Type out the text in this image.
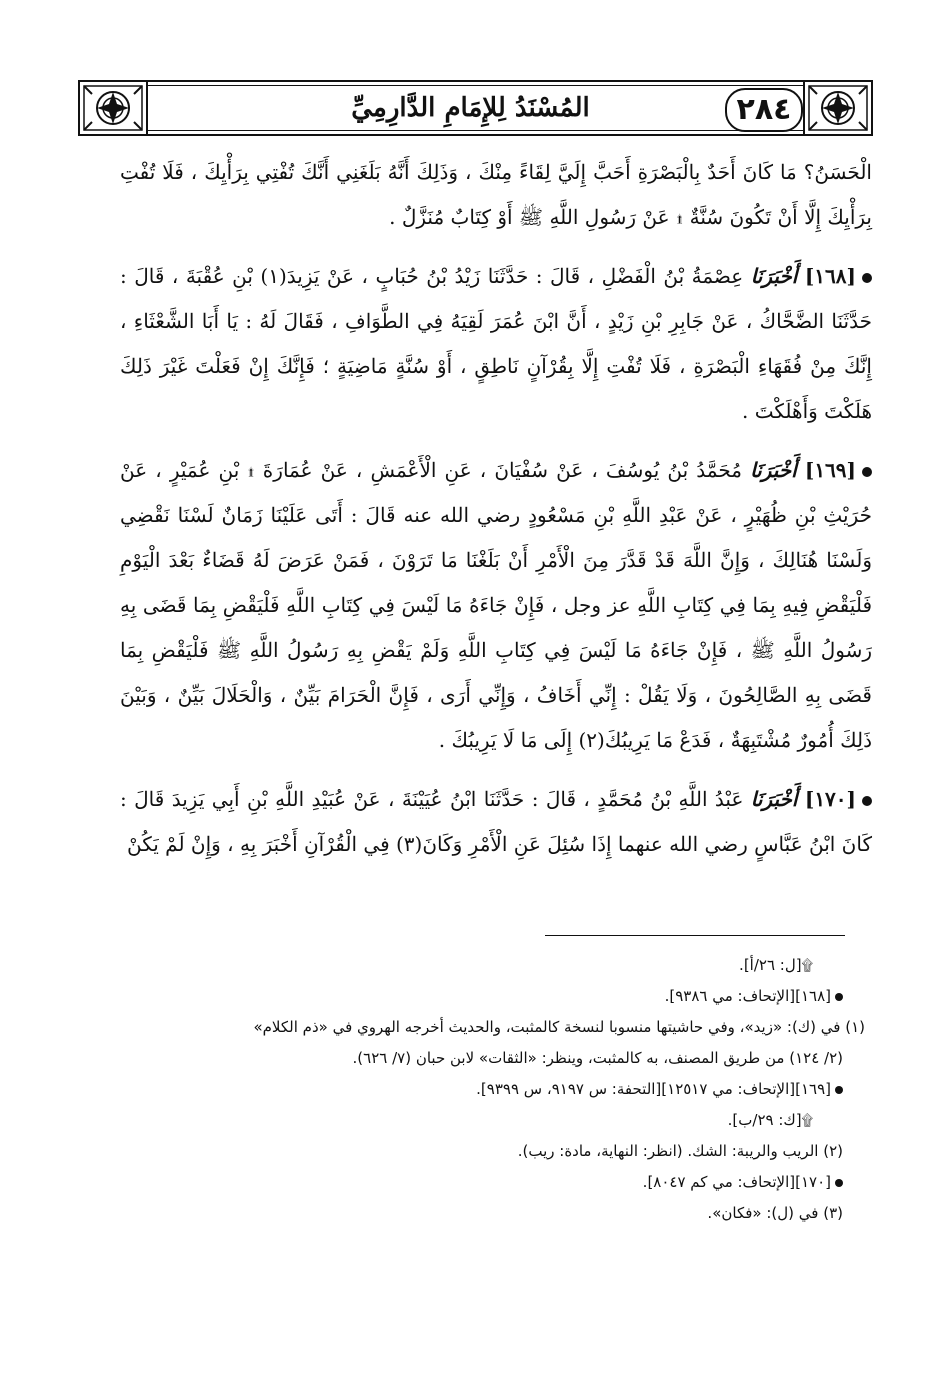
المُسْنَدُ لِلإِمَامِ الدَّارِمِيِّ	٢٨٤

الْحَسَنُ؟ مَا كَانَ أَحَدٌ بِالْبَصْرَةِ أَحَبَّ إِلَيَّ لِقَاءً مِنْكَ ، وَذَلِكَ أَنَّهُ بَلَغَنِي أَنَّكَ تُفْتِي بِرَأْيِكَ ، فَلَا تُفْتِ بِرَأْيِكَ إِلَّا أَنْ تَكُونَ سُنَّةٌ ۩ عَنْ رَسُولِ اللَّهِ ﷺ أَوْ كِتَابٌ مُنَزَّلٌ .

[١٦٨] أَخْبَرَنَا عِصْمَةُ بْنُ الْفَضْلِ ، قَالَ : حَدَّثَنَا زَيْدُ بْنُ حُبَابٍ ، عَنْ يَزِيدَ(١) بْنِ عُقْبَةَ ، قَالَ : حَدَّثَنَا الضَّحَّاكُ ، عَنْ جَابِرِ بْنِ زَيْدٍ ، أَنَّ ابْنَ عُمَرَ لَقِيَهُ فِي الطَّوَافِ ، فَقَالَ لَهُ : يَا أَبَا الشَّعْثَاءِ ، إِنَّكَ مِنْ فُقَهَاءِ الْبَصْرَةِ ، فَلَا تُفْتِ إِلَّا بِقُرْآنٍ نَاطِقٍ ، أَوْ سُنَّةٍ مَاضِيَةٍ ؛ فَإِنَّكَ إِنْ فَعَلْتَ غَيْرَ ذَلِكَ هَلَكْتَ وَأَهْلَكْتَ .

[١٦٩] أَخْبَرَنَا مُحَمَّدُ بْنُ يُوسُفَ ، عَنْ سُفْيَانَ ، عَنِ الْأَعْمَشِ ، عَنْ عُمَارَةَ ۩ بْنِ عُمَيْرٍ ، عَنْ حُرَيْثِ بْنِ ظُهَيْرٍ ، عَنْ عَبْدِ اللَّهِ بْنِ مَسْعُودٍ رضي الله عنه قَالَ : أَتَى عَلَيْنَا زَمَانٌ لَسْنَا نَقْضِي وَلَسْنَا هُنَالِكَ ، وَإِنَّ اللَّهَ قَدْ قَدَّرَ مِنَ الْأَمْرِ أَنْ بَلَغْنَا مَا تَرَوْنَ ، فَمَنْ عَرَضَ لَهُ قَضَاءٌ بَعْدَ الْيَوْمِ فَلْيَقْضِ فِيهِ بِمَا فِي كِتَابِ اللَّهِ عز وجل ، فَإِنْ جَاءَهُ مَا لَيْسَ فِي كِتَابِ اللَّهِ فَلْيَقْضِ بِمَا قَضَى بِهِ رَسُولُ اللَّهِ ﷺ ، فَإِنْ جَاءَهُ مَا لَيْسَ فِي كِتَابِ اللَّهِ وَلَمْ يَقْضِ بِهِ رَسُولُ اللَّهِ ﷺ فَلْيَقْضِ بِمَا قَضَى بِهِ الصَّالِحُونَ ، وَلَا يَقُلْ : إِنِّي أَخَافُ ، وَإِنِّي أَرَى ، فَإِنَّ الْحَرَامَ بَيِّنٌ ، وَالْحَلَالَ بَيِّنٌ ، وَبَيْنَ ذَلِكَ أُمُورٌ مُشْتَبِهَةٌ ، فَدَعْ مَا يَرِيبُكَ(٢) إِلَى مَا لَا يَرِيبُكَ .

[١٧٠] أَخْبَرَنَا عَبْدُ اللَّهِ بْنُ مُحَمَّدٍ ، قَالَ : حَدَّثَنَا ابْنُ عُيَيْنَةَ ، عَنْ عُبَيْدِ اللَّهِ بْنِ أَبِي يَزِيدَ قَالَ : كَانَ ابْنُ عَبَّاسٍ رضي الله عنهما إِذَا سُئِلَ عَنِ الْأَمْرِ وَكَانَ(٣) فِي الْقُرْآنِ أَخْبَرَ بِهِ ، وَإِنْ لَمْ يَكُنْ

۩[ل: ٢٦/أ].

[١٦٨][الإتحاف: مي ٩٣٨٦].

(١) في (ك): «زيد»، وفي حاشيتها منسوبا لنسخة كالمثبت، والحديث أخرجه الهروي في «ذم الكلام»

(٢/ ١٢٤) من طريق المصنف، به كالمثبت، وينظر: «الثقات» لابن حبان (٧/ ٦٢٦).

[١٦٩][الإتحاف: مي ١٢٥١٧][التحفة: س ٩١٩٧، س ٩٣٩٩].

۩[ك: ٢٩/ب].

(٢) الريب والريبة: الشك. (انظر: النهاية، مادة: ريب).

[١٧٠][الإتحاف: مي كم ٨٠٤٧].

(٣) في (ل): «فكان».
